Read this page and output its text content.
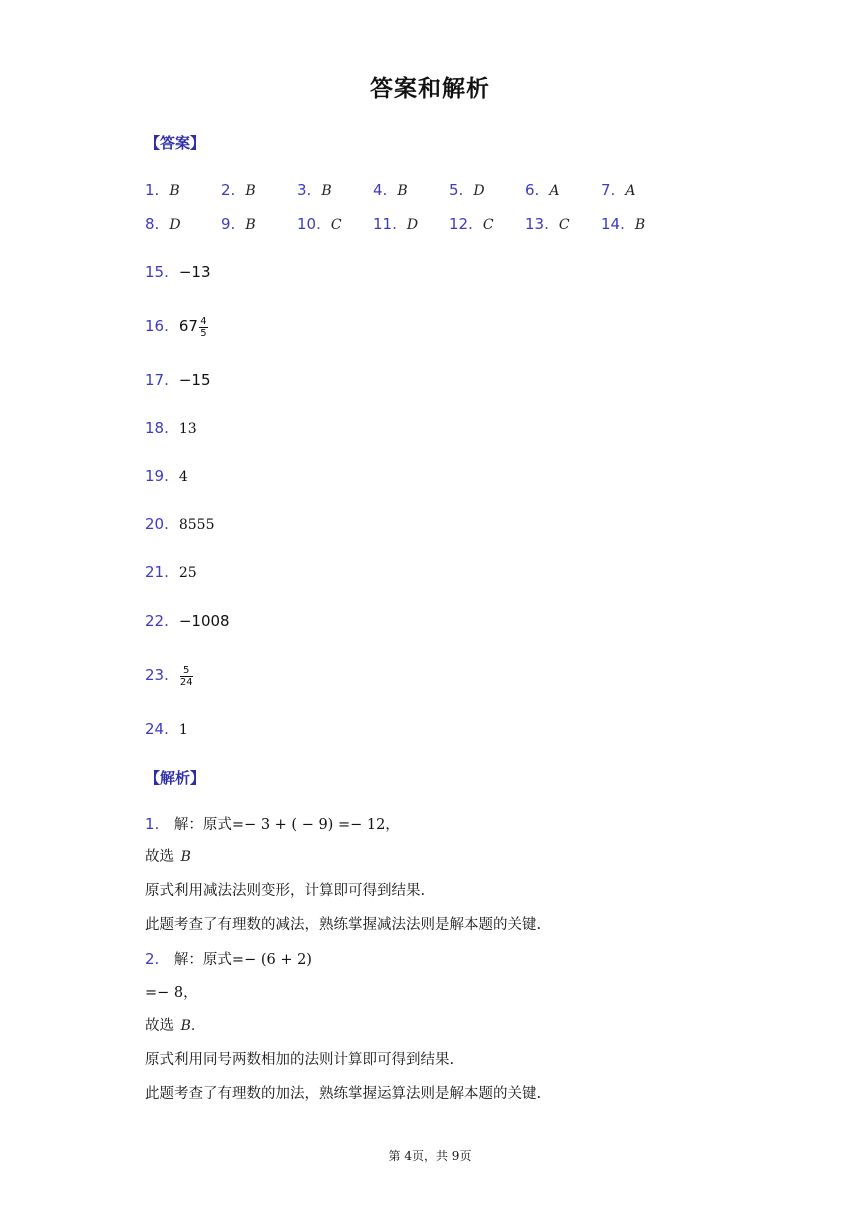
答案和解析
【答案】
1. B	2. B	3. B	4. B	5. D	6. A	7. A
8. D	9. B	10. C 11. D 12. C 13. C 14. B
15. −13
16. $67 \frac{4}{5}$
17. −15
18. 13
19. 4
20. 8555
21. 25
22. −1008
23. $\frac{5}{24}$
24. 1
【解析】
1. 解：原式=− 3 + ( − 9) =− 12，
故选 B
原式利用减法法则变形，计算即可得到结果.
此题考查了有理数的减法，熟练掌握减法法则是解本题的关键.
2. 解：原式=− (6 + 2)
=− 8，
故选 B.
原式利用同号两数相加的法则计算即可得到结果.
此题考查了有理数的加法，熟练掌握运算法则是解本题的关键.
第 4页，共 9页
